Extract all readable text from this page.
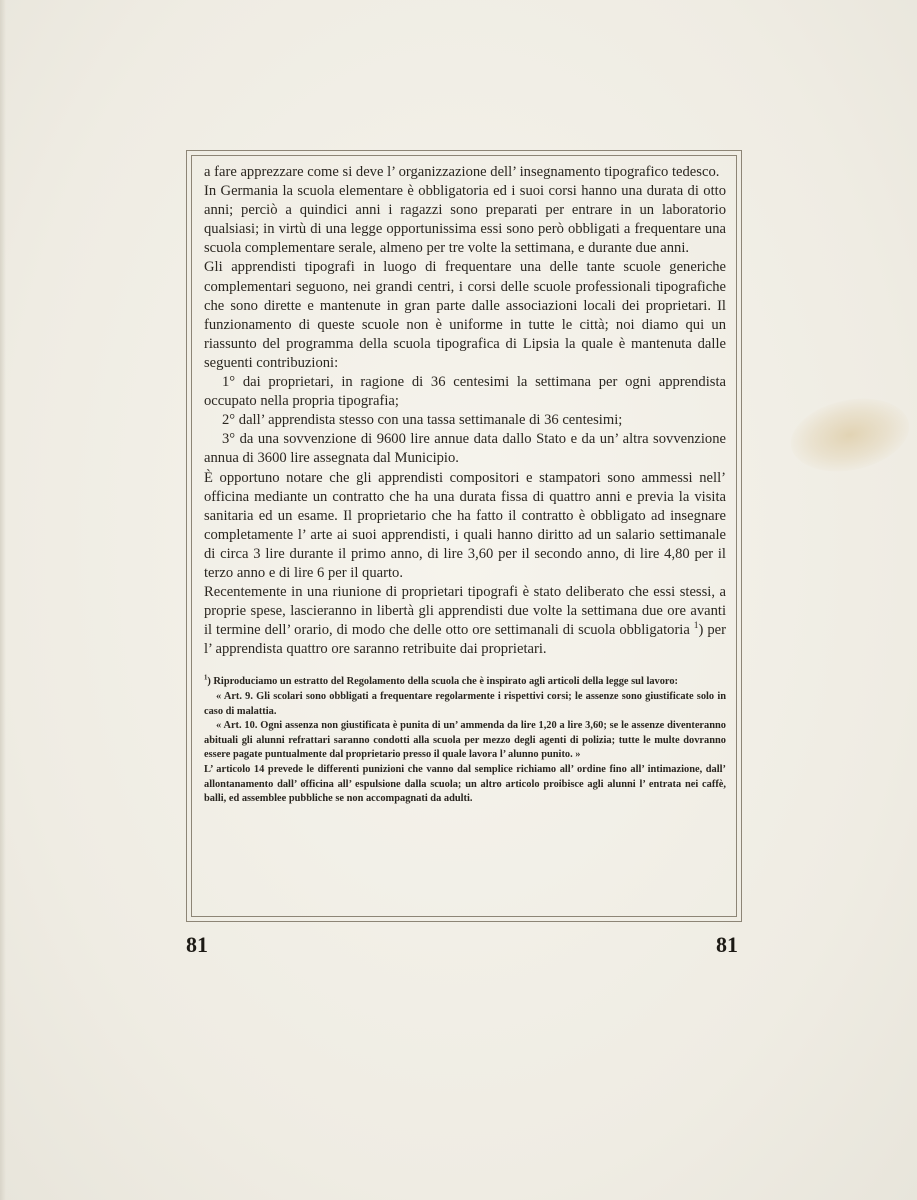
a fare apprezzare come si deve l’ organizzazione dell’ insegnamento tipografico tedesco.

In Germania la scuola elementare è obbligatoria ed i suoi corsi hanno una durata di otto anni; perciò a quindici anni i ragazzi sono preparati per entrare in un laboratorio qualsiasi; in virtù di una legge opportunissima essi sono però obbligati a frequentare una scuola complementare serale, almeno per tre volte la settimana, e durante due anni.

Gli apprendisti tipografi in luogo di frequentare una delle tante scuole generiche complementari seguono, nei grandi centri, i corsi delle scuole professionali tipografiche che sono dirette e mantenute in gran parte dalle associazioni locali dei proprietari. Il funzionamento di queste scuole non è uniforme in tutte le città; noi diamo qui un riassunto del programma della scuola tipografica di Lipsia la quale è mantenuta dalle seguenti contribuzioni:

1° dai proprietari, in ragione di 36 centesimi la settimana per ogni apprendista occupato nella propria tipografia;

2° dall’ apprendista stesso con una tassa settimanale di 36 centesimi;

3° da una sovvenzione di 9600 lire annue data dallo Stato e da un’ altra sovvenzione annua di 3600 lire assegnata dal Municipio.

È opportuno notare che gli apprendisti compositori e stampatori sono ammessi nell’ officina mediante un contratto che ha una durata fissa di quattro anni e previa la visita sanitaria ed un esame. Il proprietario che ha fatto il contratto è obbligato ad insegnare completamente l’ arte ai suoi apprendisti, i quali hanno diritto ad un salario settimanale di circa 3 lire durante il primo anno, di lire 3,60 per il secondo anno, di lire 4,80 per il terzo anno e di lire 6 per il quarto.

Recentemente in una riunione di proprietari tipografi è stato deliberato che essi stessi, a proprie spese, lascieranno in libertà gli apprendisti due volte la settimana due ore avanti il termine dell’ orario, di modo che delle otto ore settimanali di scuola obbligatoria $^1$) per l’ apprendista quattro ore saranno retribuite dai proprietari.

$^1$) Riproduciamo un estratto del Regolamento della scuola che è inspirato agli articoli della legge sul lavoro:

« Art. 9. Gli scolari sono obbligati a frequentare regolarmente i rispettivi corsi; le assenze sono giustificate solo in caso di malattia.

« Art. 10. Ogni assenza non giustificata è punita di un’ ammenda da lire 1,20 a lire 3,60; se le assenze diventeranno abituali gli alunni refrattari saranno condotti alla scuola per mezzo degli agenti di polizia; tutte le multe dovranno essere pagate puntualmente dal proprietario presso il quale lavora l’ alunno punito. »

L’ articolo 14 prevede le differenti punizioni che vanno dal semplice richiamo all’ ordine fino all’ intimazione, dall’ allontanamento dall’ officina all’ espulsione dalla scuola; un altro articolo proibisce agli alunni l’ entrata nei caffè, balli, ed assemblee pubbliche se non accompagnati da adulti.

81	81
